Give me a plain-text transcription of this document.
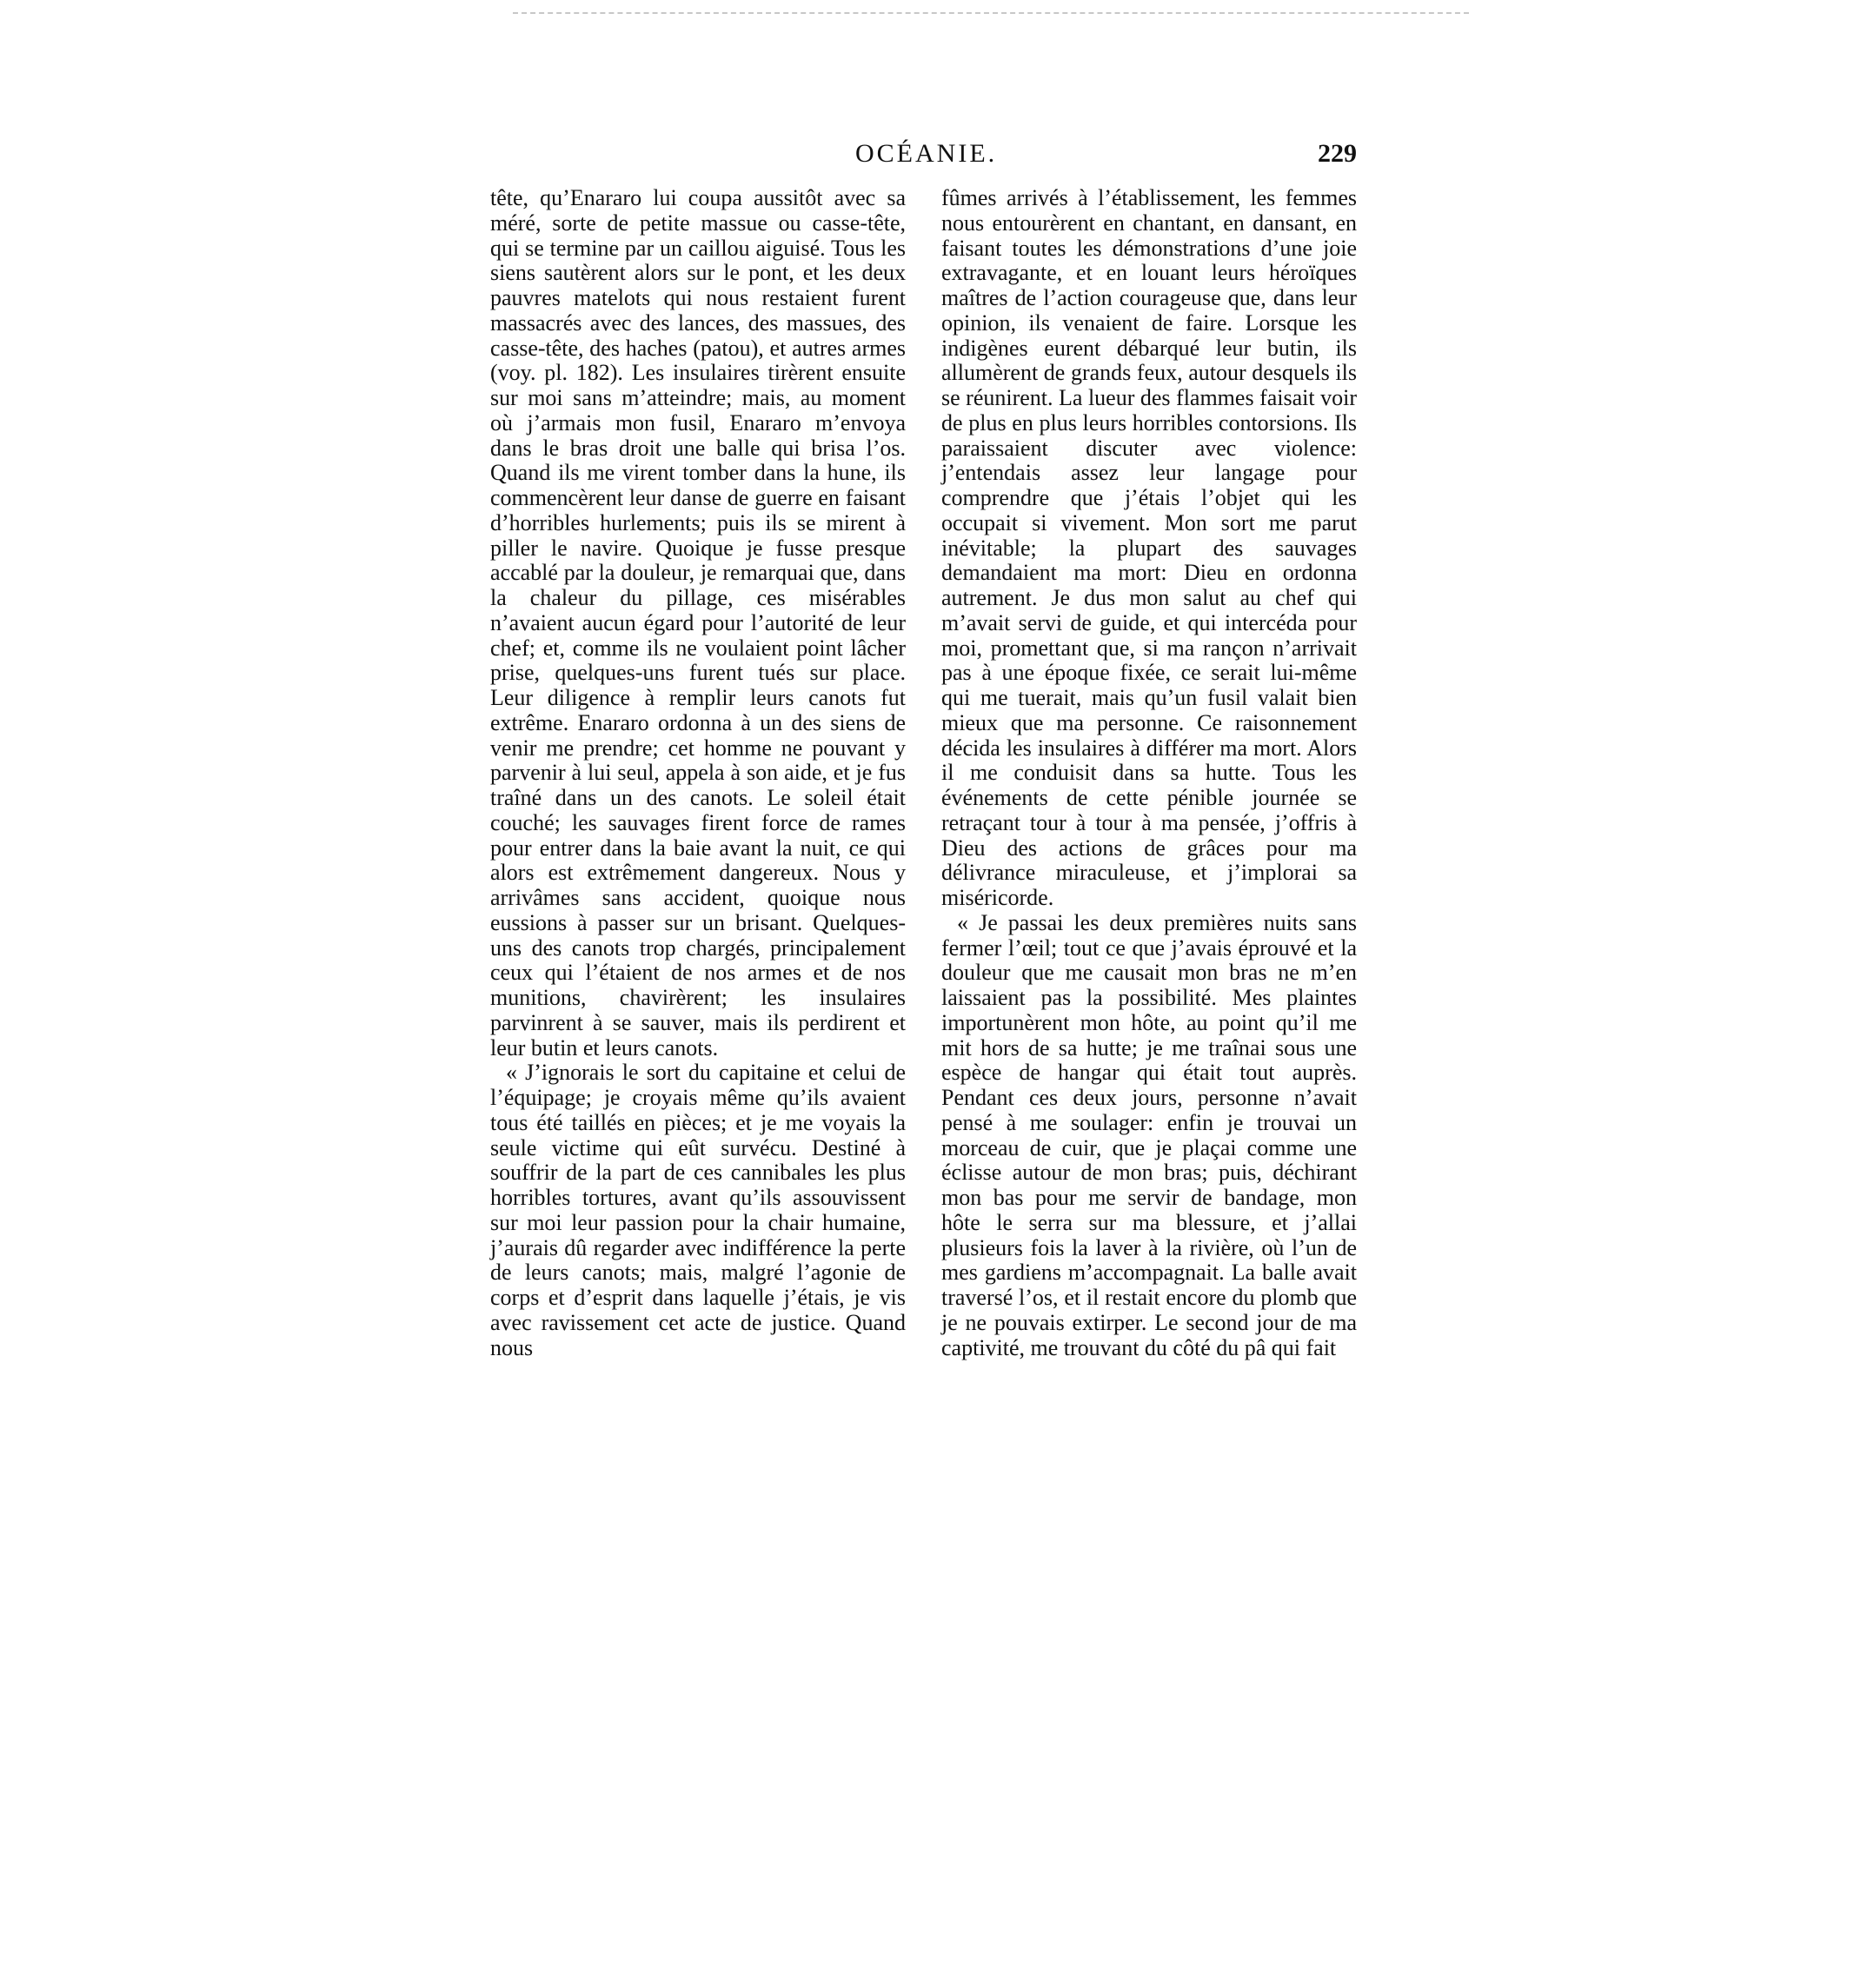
OCÉANIE.	229

tête, qu’Enararo lui coupa aussitôt avec sa méré, sorte de petite massue ou casse-tête, qui se termine par un caillou aiguisé. Tous les siens sautèrent alors sur le pont, et les deux pauvres matelots qui nous restaient furent massacrés avec des lances, des massues, des casse-tête, des haches (patou), et autres armes (voy. pl. 182). Les insulaires tirèrent ensuite sur moi sans m’atteindre; mais, au moment où j’armais mon fusil, Enararo m’envoya dans le bras droit une balle qui brisa l’os. Quand ils me virent tomber dans la hune, ils commencèrent leur danse de guerre en faisant d’horribles hurlements; puis ils se mirent à piller le navire. Quoique je fusse presque accablé par la douleur, je remarquai que, dans la chaleur du pillage, ces misérables n’avaient aucun égard pour l’autorité de leur chef; et, comme ils ne voulaient point lâcher prise, quelques-uns furent tués sur place. Leur diligence à remplir leurs canots fut extrême. Enararo ordonna à un des siens de venir me prendre; cet homme ne pouvant y parvenir à lui seul, appela à son aide, et je fus traîné dans un des canots. Le soleil était couché; les sauvages firent force de rames pour entrer dans la baie avant la nuit, ce qui alors est extrêmement dangereux. Nous y arrivâmes sans accident, quoique nous eussions à passer sur un brisant. Quelques-uns des canots trop chargés, principalement ceux qui l’étaient de nos armes et de nos munitions, chavirèrent; les insulaires parvinrent à se sauver, mais ils perdirent et leur butin et leurs canots.

« J’ignorais le sort du capitaine et celui de l’équipage; je croyais même qu’ils avaient tous été taillés en pièces; et je me voyais la seule victime qui eût survécu. Destiné à souffrir de la part de ces cannibales les plus horribles tortures, avant qu’ils assouvissent sur moi leur passion pour la chair humaine, j’aurais dû regarder avec indifférence la perte de leurs canots; mais, malgré l’agonie de corps et d’esprit dans laquelle j’étais, je vis avec ravissement cet acte de justice. Quand nous

fûmes arrivés à l’établissement, les femmes nous entourèrent en chantant, en dansant, en faisant toutes les démonstrations d’une joie extravagante, et en louant leurs héroïques maîtres de l’action courageuse que, dans leur opinion, ils venaient de faire. Lorsque les indigènes eurent débarqué leur butin, ils allumèrent de grands feux, autour desquels ils se réunirent. La lueur des flammes faisait voir de plus en plus leurs horribles contorsions. Ils paraissaient discuter avec violence: j’entendais assez leur langage pour comprendre que j’étais l’objet qui les occupait si vivement. Mon sort me parut inévitable; la plupart des sauvages demandaient ma mort: Dieu en ordonna autrement. Je dus mon salut au chef qui m’avait servi de guide, et qui intercéda pour moi, promettant que, si ma rançon n’arrivait pas à une époque fixée, ce serait lui-même qui me tuerait, mais qu’un fusil valait bien mieux que ma personne. Ce raisonnement décida les insulaires à différer ma mort. Alors il me conduisit dans sa hutte. Tous les événements de cette pénible journée se retraçant tour à tour à ma pensée, j’offris à Dieu des actions de grâces pour ma délivrance miraculeuse, et j’implorai sa miséricorde.

« Je passai les deux premières nuits sans fermer l’œil; tout ce que j’avais éprouvé et la douleur que me causait mon bras ne m’en laissaient pas la possibilité. Mes plaintes importunèrent mon hôte, au point qu’il me mit hors de sa hutte; je me traînai sous une espèce de hangar qui était tout auprès. Pendant ces deux jours, personne n’avait pensé à me soulager: enfin je trouvai un morceau de cuir, que je plaçai comme une éclisse autour de mon bras; puis, déchirant mon bas pour me servir de bandage, mon hôte le serra sur ma blessure, et j’allai plusieurs fois la laver à la rivière, où l’un de mes gardiens m’accompagnait. La balle avait traversé l’os, et il restait encore du plomb que je ne pouvais extirper. Le second jour de ma captivité, me trouvant du côté du pâ qui fait
